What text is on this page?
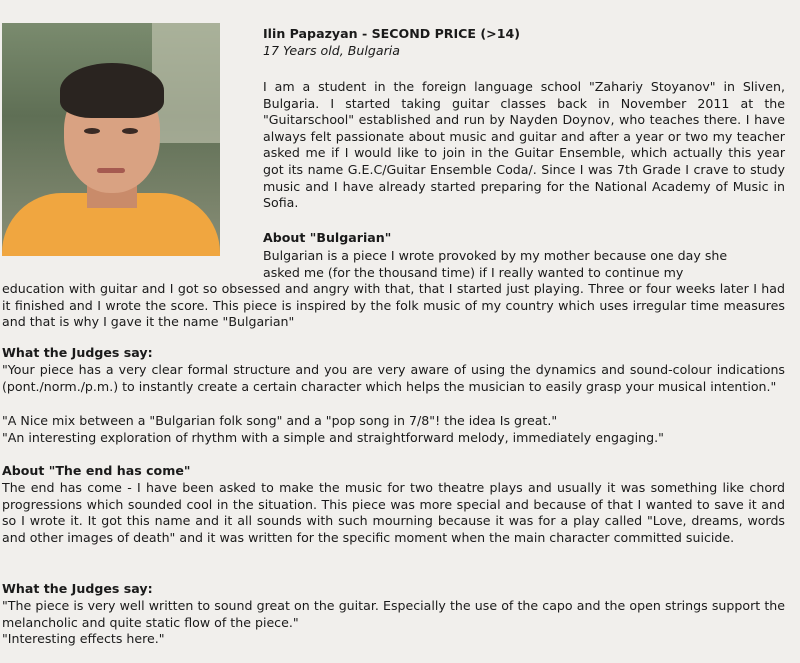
Ilin Papazyan - SECOND PRICE (>14)

17 Years old, Bulgaria

I am a student in the foreign language school "Zahariy Stoyanov" in Sliven, Bulgaria. I started taking guitar classes back in November 2011 at the "Guitarschool" established and run by Nayden Doynov, who teaches there. I have always felt passionate about music and guitar and after a year or two my teacher asked me if I would like to join in the Guitar Ensemble, which actually this year got its name G.E.C/Guitar Ensemble Coda/. Since I was 7th Grade I crave to study music and I have already started preparing for the National Academy of Music in Sofia.

About "Bulgarian"

Bulgarian is a piece I wrote provoked by my mother because one day she
asked me (for the thousand time) if I really wanted to continue my

education with guitar and I got so obsessed and angry with that, that I started just playing. Three or four weeks later I had it finished and I wrote the score. This piece is inspired by the folk music of my country which uses irregular time measures and that is why I gave it the name "Bulgarian"

What the Judges say:

"Your piece has a very clear formal structure and you are very aware of using the dynamics and sound-colour indications (pont./norm./p.m.) to instantly create a certain character which helps the musician to easily grasp your musical intention."

"A Nice mix between a "Bulgarian folk song" and a "pop song in 7/8"! the idea Is great."

"An interesting exploration of rhythm with a simple and straightforward melody, immediately engaging."

About "The end has come"

The end has come - I have been asked to make the music for two theatre plays and usually it was something like chord progressions which sounded cool in the situation. This piece was more special and because of that I wanted to save it and so I wrote it. It got this name and it all sounds with such mourning because it was for a play called "Love, dreams, words and other images of death" and it was written for the specific moment when the main character committed suicide.

What the Judges say:

"The piece is very well written to sound great on the guitar. Especially the use of the capo and the open strings support the melancholic and quite static flow of the piece."

"Interesting effects here."
